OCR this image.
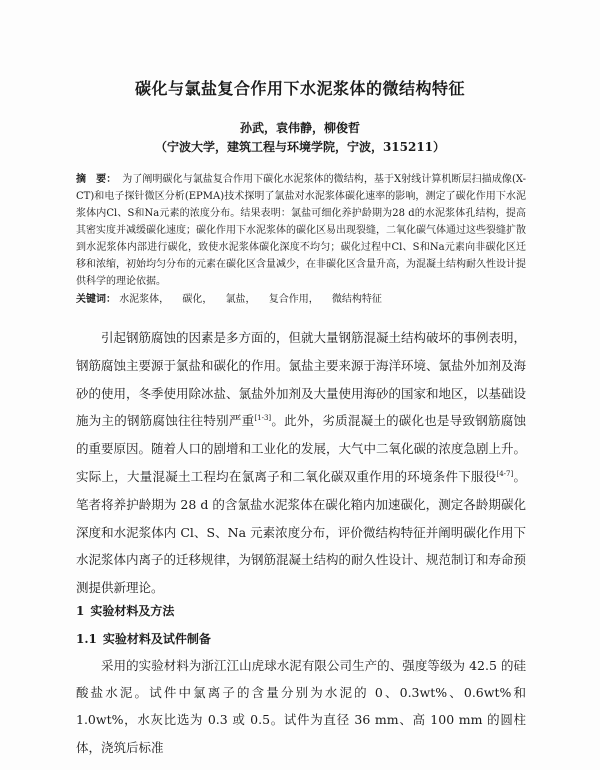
碳化与氯盐复合作用下水泥浆体的微结构特征
孙武，袁伟静，柳俊哲
（宁波大学，建筑工程与环境学院，宁波，315211）
摘　要： 为了阐明碳化与氯盐复合作用下碳化水泥浆体的微结构，基于X射线计算机断层扫描成像(X-CT)和电子探针微区分析(EPMA)技术探明了氯盐对水泥浆体碳化速率的影响，测定了碳化作用下水泥浆体内Cl、S和Na元素的浓度分布。结果表明：氯盐可细化养护龄期为28 d的水泥浆体孔结构，提高其密实度并减缓碳化速度；碳化作用下水泥浆体的碳化区易出现裂缝，二氧化碳气体通过这些裂缝扩散到水泥浆体内部进行碳化，致使水泥浆体碳化深度不均匀；碳化过程中Cl、S和Na元素向非碳化区迁移和浓缩，初始均匀分布的元素在碳化区含量减少，在非碳化区含量升高，为混凝土结构耐久性设计提供科学的理论依据。
关键词： 水泥浆体， 碳化， 氯盐， 复合作用， 微结构特征

引起钢筋腐蚀的因素是多方面的，但就大量钢筋混凝土结构破坏的事例表明，钢筋腐蚀主要源于氯盐和碳化的作用。氯盐主要来源于海洋环境、氯盐外加剂及海砂的使用，冬季使用除冰盐、氯盐外加剂及大量使用海砂的国家和地区，以基础设施为主的钢筋腐蚀往往特别严重[1-3]。此外，劣质混凝土的碳化也是导致钢筋腐蚀的重要原因。随着人口的剧增和工业化的发展，大气中二氧化碳的浓度急剧上升。实际上，大量混凝土工程均在氯离子和二氧化碳双重作用的环境条件下服役[4-7]。笔者将养护龄期为 28 d 的含氯盐水泥浆体在碳化箱内加速碳化，测定各龄期碳化深度和水泥浆体内 Cl、S、Na 元素浓度分布，评价微结构特征并阐明碳化作用下水泥浆体内离子的迁移规律，为钢筋混凝土结构的耐久性设计、规范制订和寿命预测提供新理论。

1 实验材料及方法
1.1 实验材料及试件制备

采用的实验材料为浙江江山虎球水泥有限公司生产的、强度等级为 42.5 的硅酸盐水泥。试件中氯离子的含量分别为水泥的 0、0.3wt%、0.6wt%和 1.0wt%，水灰比选为 0.3 或 0.5。试件为直径 36 mm、高 100 mm 的圆柱体，浇筑后标准
